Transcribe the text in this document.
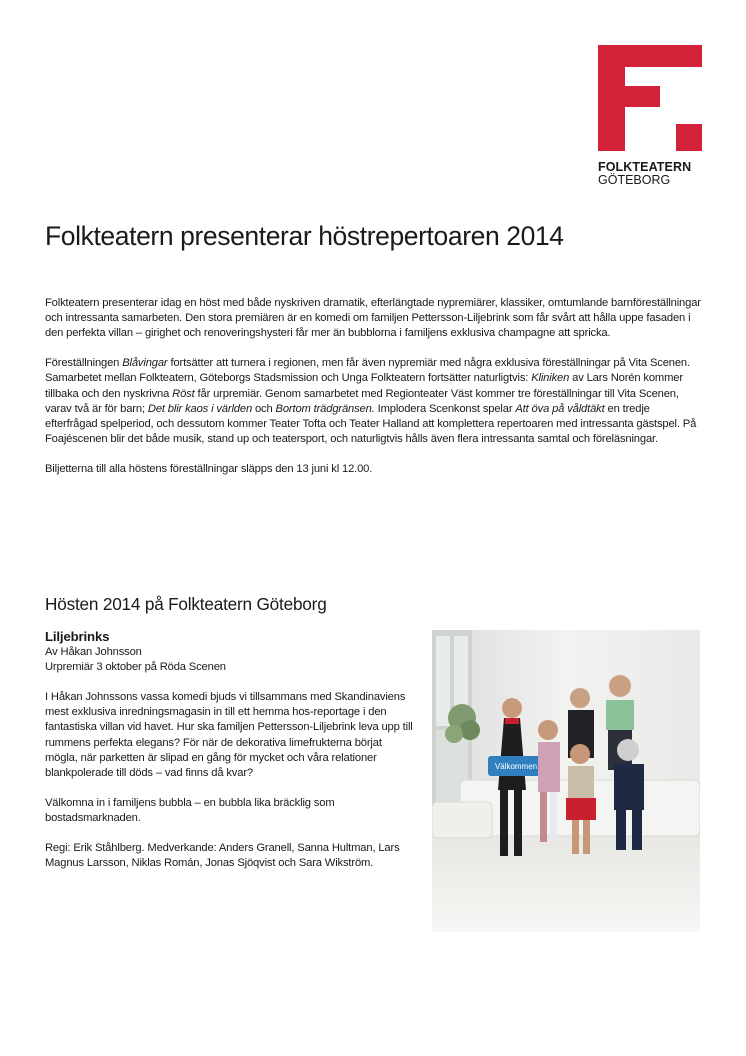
FOLKTEATERN
GÖTEBORG
Folkteatern presenterar höstrepertoaren 2014

Folkteatern presenterar idag en höst med både nyskriven dramatik, efterlängtade nypremiärer, klassiker, omtumlande barnföreställningar och intressanta samarbeten. Den stora premiären är en komedi om familjen Pettersson-Liljebrink som får svårt att hålla uppe fasaden i den perfekta villan – girighet och renoveringshysteri får mer än bubblorna i familjens exklusiva champagne att spricka.

Föreställningen Blåvingar fortsätter att turnera i regionen, men får även nypremiär med några exklusiva föreställningar på Vita Scenen. Samarbetet mellan Folkteatern, Göteborgs Stadsmission och Unga Folkteatern fortsätter naturligtvis: Kliniken av Lars Norén kommer tillbaka och den nyskrivna Röst får urpremiär. Genom samarbetet med Regionteater Väst kommer tre föreställningar till Vita Scenen, varav två är för barn; Det blir kaos i världen och Bortom trädgränsen. Implodera Scenkonst spelar Att öva på våldtäkt en tredje efterfrågad spelperiod, och dessutom kommer Teater Tofta och Teater Halland att komplettera repertoaren med intressanta gästspel. På Foajéscenen blir det både musik, stand up och teatersport, och naturligtvis hålls även flera intressanta samtal och föreläsningar.

Biljetterna till alla höstens föreställningar släpps den 13 juni kl 12.00.

Hösten 2014 på Folkteatern Göteborg
Liljebrinks
Av Håkan Johnsson
Urpremiär 3 oktober på Röda Scenen

I Håkan Johnssons vassa komedi bjuds vi tillsammans med Skandinaviens mest exklusiva inredningsmagasin in till ett hemma hos-reportage i den fantastiska villan vid havet. Hur ska familjen Pettersson-Liljebrink leva upp till rummens perfekta elegans? För när de dekorativa limefrukterna börjat mögla, när parketten är slipad en gång för mycket och våra relationer blankpolerade till döds – vad finns då kvar?

Välkomna in i familjens bubbla – en bubbla lika bräcklig som bostadsmarknaden.

Regi: Erik Ståhlberg. Medverkande: Anders Granell, Sanna Hultman, Lars Magnus Larsson, Niklas Román, Jonas Sjöqvist och Sara Wikström.

Välkommen
